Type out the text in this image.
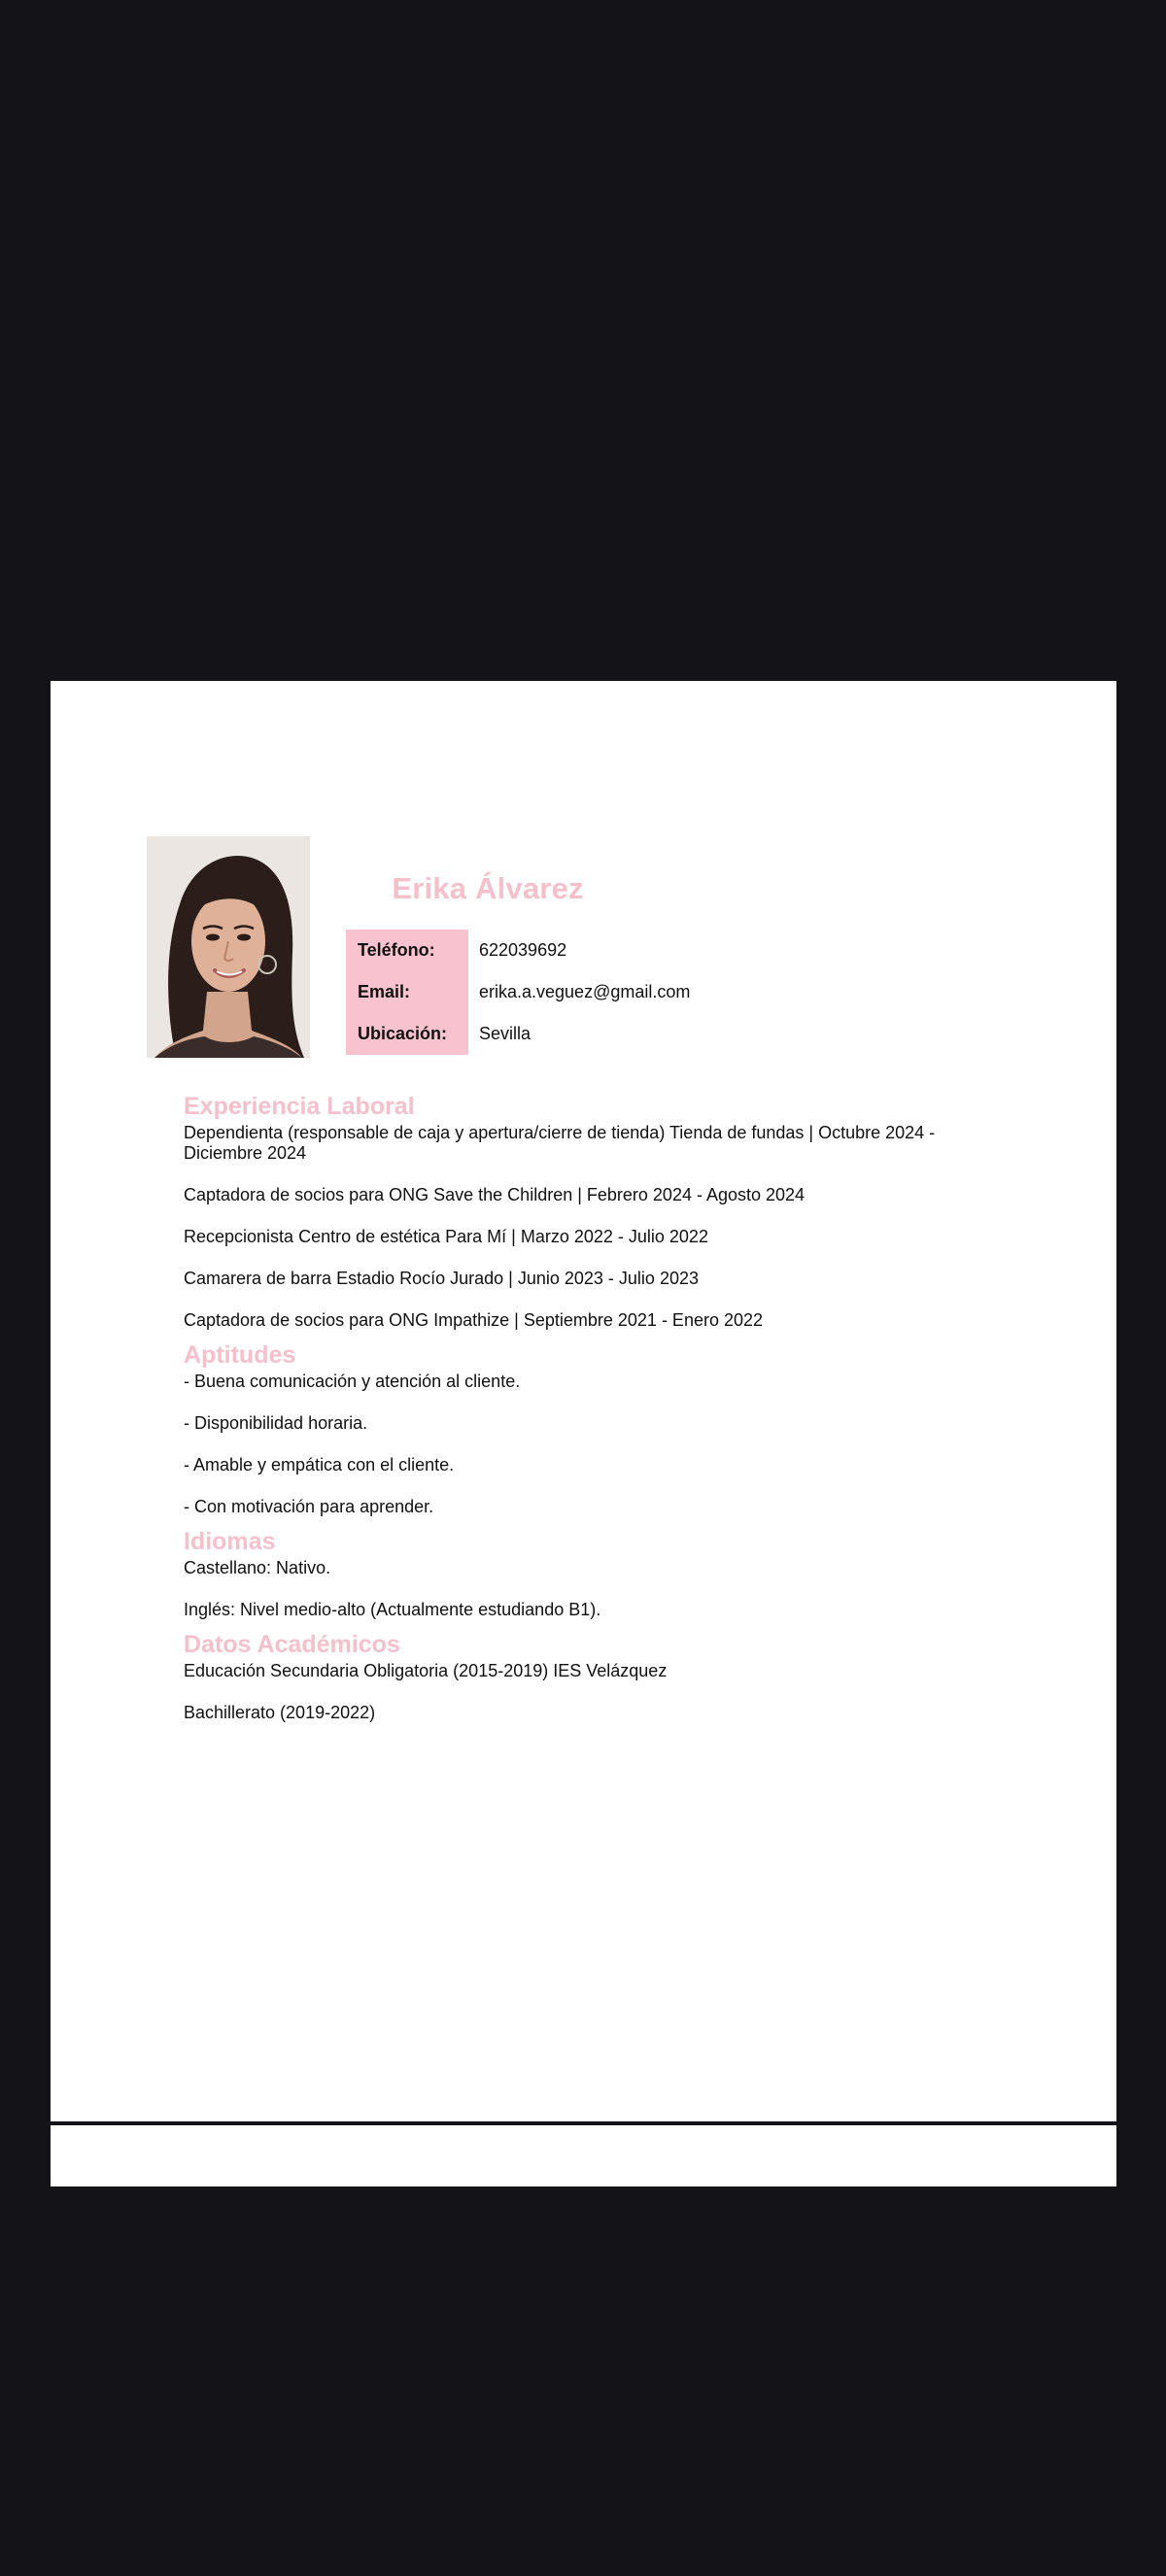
Erika Álvarez
Teléfono:	622039692
Email:	erika.a.veguez@gmail.com
Ubicación:	Sevilla
Experiencia Laboral

Dependienta (responsable de caja y apertura/cierre de tienda) Tienda de fundas | Octubre 2024 - Diciembre 2024

Captadora de socios para ONG Save the Children | Febrero 2024 - Agosto 2024

Recepcionista Centro de estética Para Mí | Marzo 2022 - Julio 2022

Camarera de barra Estadio Rocío Jurado | Junio 2023 - Julio 2023

Captadora de socios para ONG Impathize | Septiembre 2021 - Enero 2022

Aptitudes

- Buena comunicación y atención al cliente.

- Disponibilidad horaria.

- Amable y empática con el cliente.

- Con motivación para aprender.

Idiomas

Castellano: Nativo.

Inglés: Nivel medio-alto (Actualmente estudiando B1).

Datos Académicos

Educación Secundaria Obligatoria (2015-2019) IES Velázquez

Bachillerato (2019-2022)
